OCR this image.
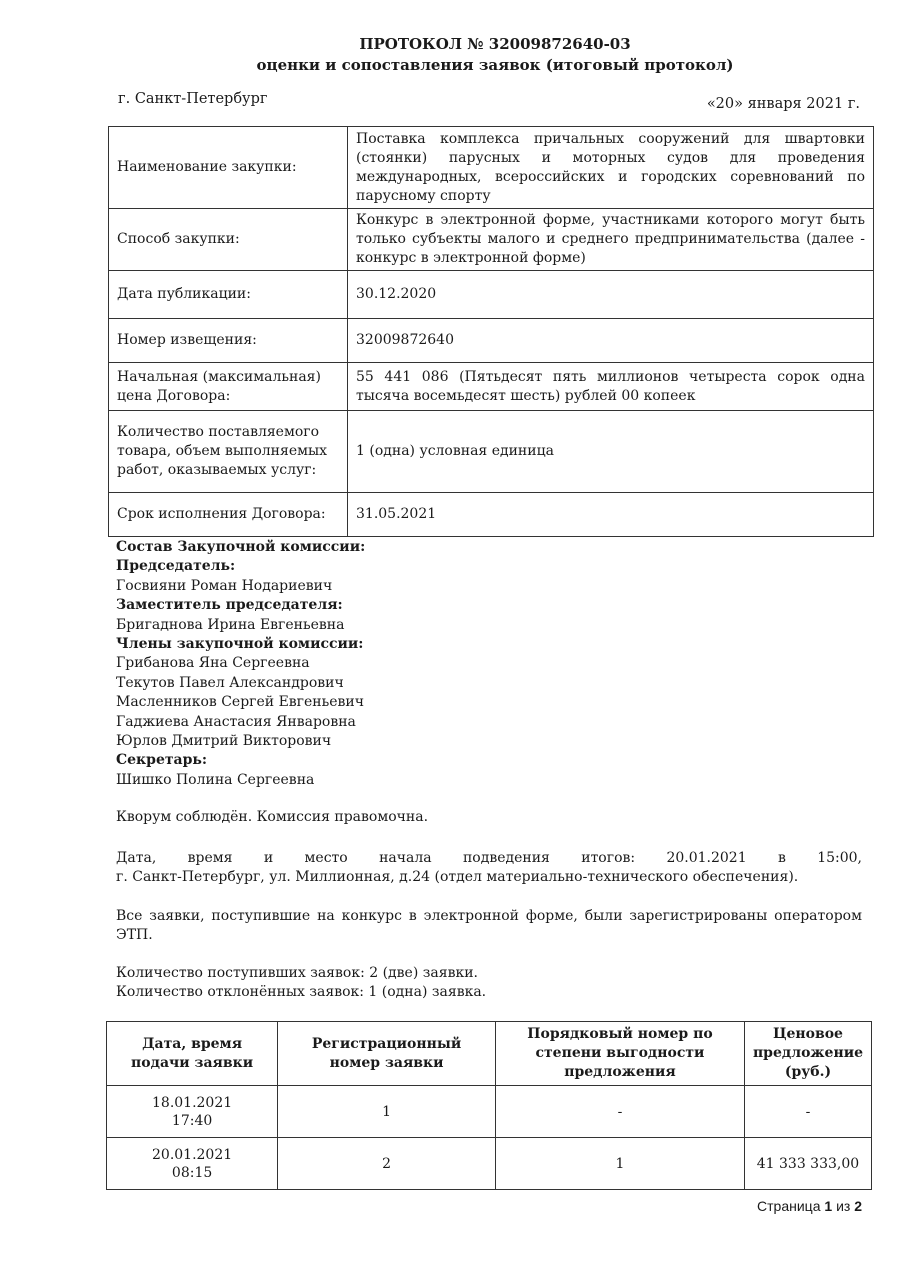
ПРОТОКОЛ № 32009872640-03
оценки и сопоставления заявок (итоговый протокол)
г. Санкт-Петербург	«20» января 2021 г.
Наименование закупки:	Поставка комплекса причальных сооружений для швартовки (стоянки) парусных и моторных судов для проведения международных, всероссийских и городских соревнований по парусному спорту
Способ закупки:	Конкурс в электронной форме, участниками которого могут быть только субъекты малого и среднего предпринимательства (далее - конкурс в электронной форме)
Дата публикации:	30.12.2020
Номер извещения:	32009872640
Начальная (максимальная) цена Договора:	55 441 086 (Пятьдесят пять миллионов четыреста сорок одна тысяча восемьдесят шесть) рублей 00 копеек
Количество поставляемого товара, объем выполняемых работ, оказываемых услуг:	1 (одна) условная единица
Срок исполнения Договора:	31.05.2021
Состав Закупочной комиссии:
Председатель:
Госвияни Роман Нодариевич
Заместитель председателя:
Бригаднова Ирина Евгеньевна
Члены закупочной комиссии:
Грибанова Яна Сергеевна
Текутов Павел Александрович
Масленников Сергей Евгеньевич
Гаджиева Анастасия Январовна
Юрлов Дмитрий Викторович
Секретарь:
Шишко Полина Сергеевна
Кворум соблюдён. Комиссия правомочна.
Дата, время и место начала подведения итогов: 20.01.2021 в 15:00,
г. Санкт-Петербург, ул. Миллионная, д.24 (отдел материально-технического обеспечения).
Все заявки, поступившие на конкурс в электронной форме, были зарегистрированы оператором ЭТП.
Количество поступивших заявок: 2 (две) заявки.
Количество отклонённых заявок: 1 (одна) заявка.
Дата, время подачи заявки	Регистрационный номер заявки	Порядковый номер по степени выгодности предложения	Ценовое предложение (руб.)

18.01.2021
17:40	1	-	-

20.01.2021
08:15	2	1	41 333 333,00
Страница 1 из 2
